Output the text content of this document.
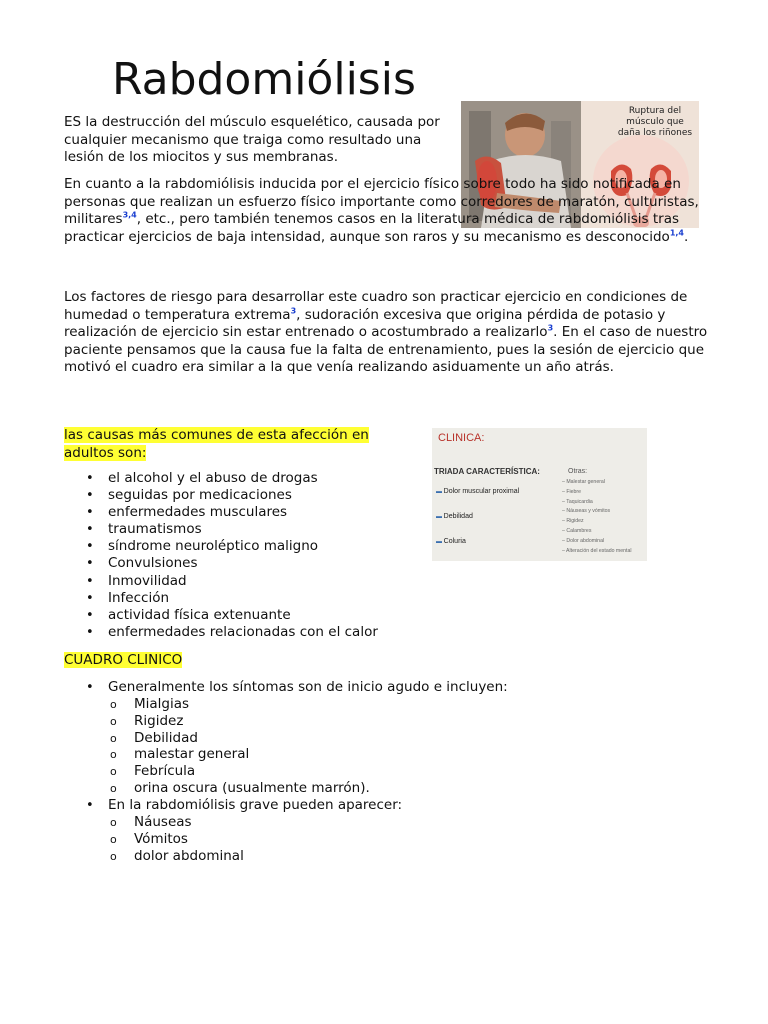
Rabdomiólisis
Ruptura del músculo que daña los riñones

ES la destrucción del músculo esquelético, causada por cualquier mecanismo que traiga como resultado una lesión de los miocitos y sus membranas.

En cuanto a la rabdomiólisis inducida por el ejercicio físico sobre todo ha sido notificada en personas que realizan un esfuerzo físico importante como corredores de maratón, culturistas, militares$^{3,4}$, etc., pero también tenemos casos en la literatura médica de rabdomiólisis tras practicar ejercicios de baja intensidad, aunque son raros y su mecanismo es desconocido$^{1,4}$.

Los factores de riesgo para desarrollar este cuadro son practicar ejercicio en condiciones de humedad o temperatura extrema$^3$, sudoración excesiva que origina pérdida de potasio y realización de ejercicio sin estar entrenado o acostumbrado a realizarlo$^3$. En el caso de nuestro paciente pensamos que la causa fue la falta de entrenamiento, pues la sesión de ejercicio que motivó el cuadro era similar a la que venía realizando asiduamente un año atrás.

las causas más comunes de esta afección en adultos son:

CLINICA:
TRIADA CARACTERÍSTICA:
▬ Dolor muscular proximal
▬ Debilidad
▬ Coluria
Otras:
– Malestar general
– Fiebre
– Taquicardia
– Náuseas y vómitos
– Rigidez
– Calambres
– Dolor abdominal
– Alteración del estado mental
• el alcohol y el abuso de drogas
• seguidas por medicaciones
• enfermedades musculares
• traumatismos
• síndrome neuroléptico maligno
• Convulsiones
• Inmovilidad
• Infección
• actividad física extenuante
• enfermedades relacionadas con el calor

CUADRO CLINICO

• Generalmente los síntomas son de inicio agudo e incluyen:
o Mialgias
o Rigidez
o Debilidad
o malestar general
o Febrícula
o orina oscura (usualmente marrón).
• En la rabdomiólisis grave pueden aparecer:
o Náuseas
o Vómitos
o dolor abdominal
